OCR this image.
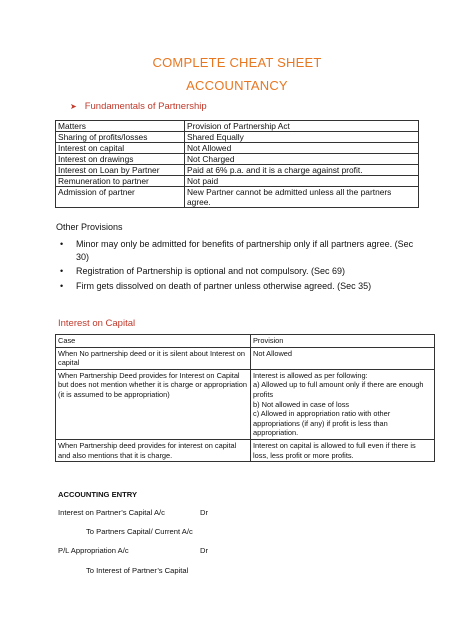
COMPLETE CHEAT SHEET
ACCOUNTANCY
➤ Fundamentals of Partnership
Matters	Provision of Partnership Act
Sharing of profits/losses	Shared Equally
Interest on capital	Not Allowed
Interest on drawings	Not Charged
Interest on Loan by Partner	Paid at 6% p.a. and it is a charge against profit.
Remuneration to partner	Not paid
Admission of partner	New Partner cannot be admitted unless all the partners agree.
Other Provisions
• Minor may only be admitted for benefits of partnership only if all partners agree. (Sec 30)
• Registration of Partnership is optional and not compulsory. (Sec 69)
• Firm gets dissolved on death of partner unless otherwise agreed. (Sec 35)
Interest on Capital
Case	Provision
When No partnership deed or it is silent about Interest on capital	Not Allowed
When Partnership Deed provides for Interest on Capital but does not mention whether it is charge or appropriation (it is assumed to be appropriation)	Interest is allowed as per following:
a) Allowed up to full amount only if there are enough profits
b) Not allowed in case of loss
c) Allowed in appropriation ratio with other appropriations (if any) if profit is less than appropriation.
When Partnership deed provides for interest on capital and also mentions that it is charge.	Interest on capital is allowed to full even if there is loss, less profit or more profits.
ACCOUNTING ENTRY
Interest on Partner’s Capital A/c	Dr
To Partners Capital/ Current A/c
P/L Appropriation A/c	Dr
To Interest of Partner’s Capital
